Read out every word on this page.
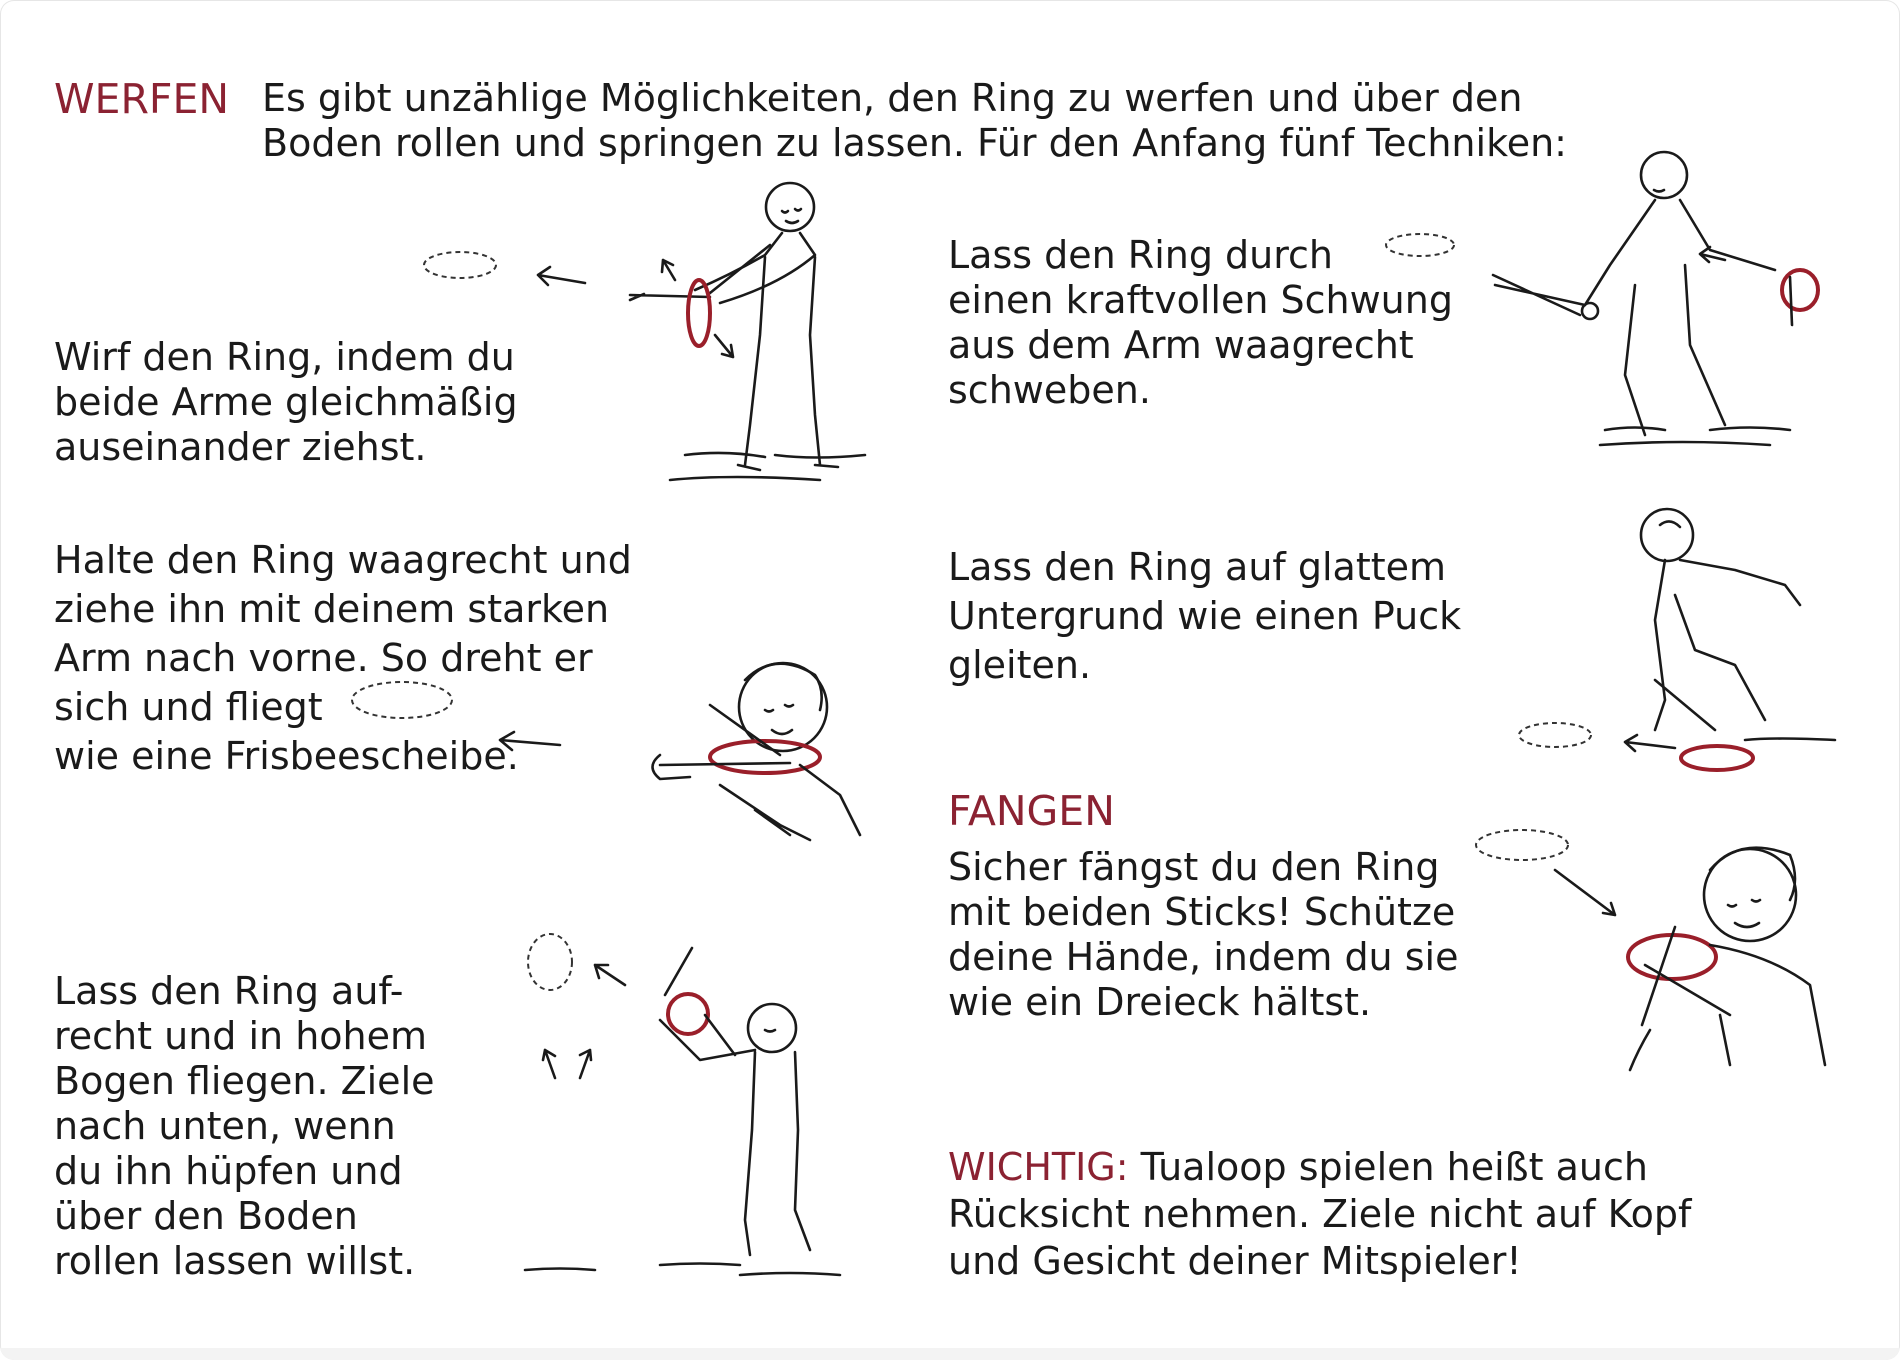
WERFEN Es gibt unzählige Möglichkeiten, den Ring zu werfen und über den
Boden rollen und springen zu lassen. Für den Anfang fünf Techniken:
Wirf den Ring, indem du
beide Arme gleichmäßig
auseinander ziehst.
Halte den Ring waagrecht und
ziehe ihn mit deinem starken
Arm nach vorne. So dreht er
sich und fliegt
wie eine Frisbeescheibe.
Lass den Ring auf-
recht und in hohem
Bogen fliegen. Ziele
nach unten, wenn
du ihn hüpfen und
über den Boden
rollen lassen willst.
Lass den Ring durch
einen kraftvollen Schwung
aus dem Arm waagrecht
schweben.
Lass den Ring auf glattem
Untergrund wie einen Puck
gleiten.
FANGEN
Sicher fängst du den Ring
mit beiden Sticks! Schütze
deine Hände, indem du sie
wie ein Dreieck hältst.
WICHTIG: Tualoop spielen heißt auch
Rücksicht nehmen. Ziele nicht auf Kopf
und Gesicht deiner Mitspieler!
